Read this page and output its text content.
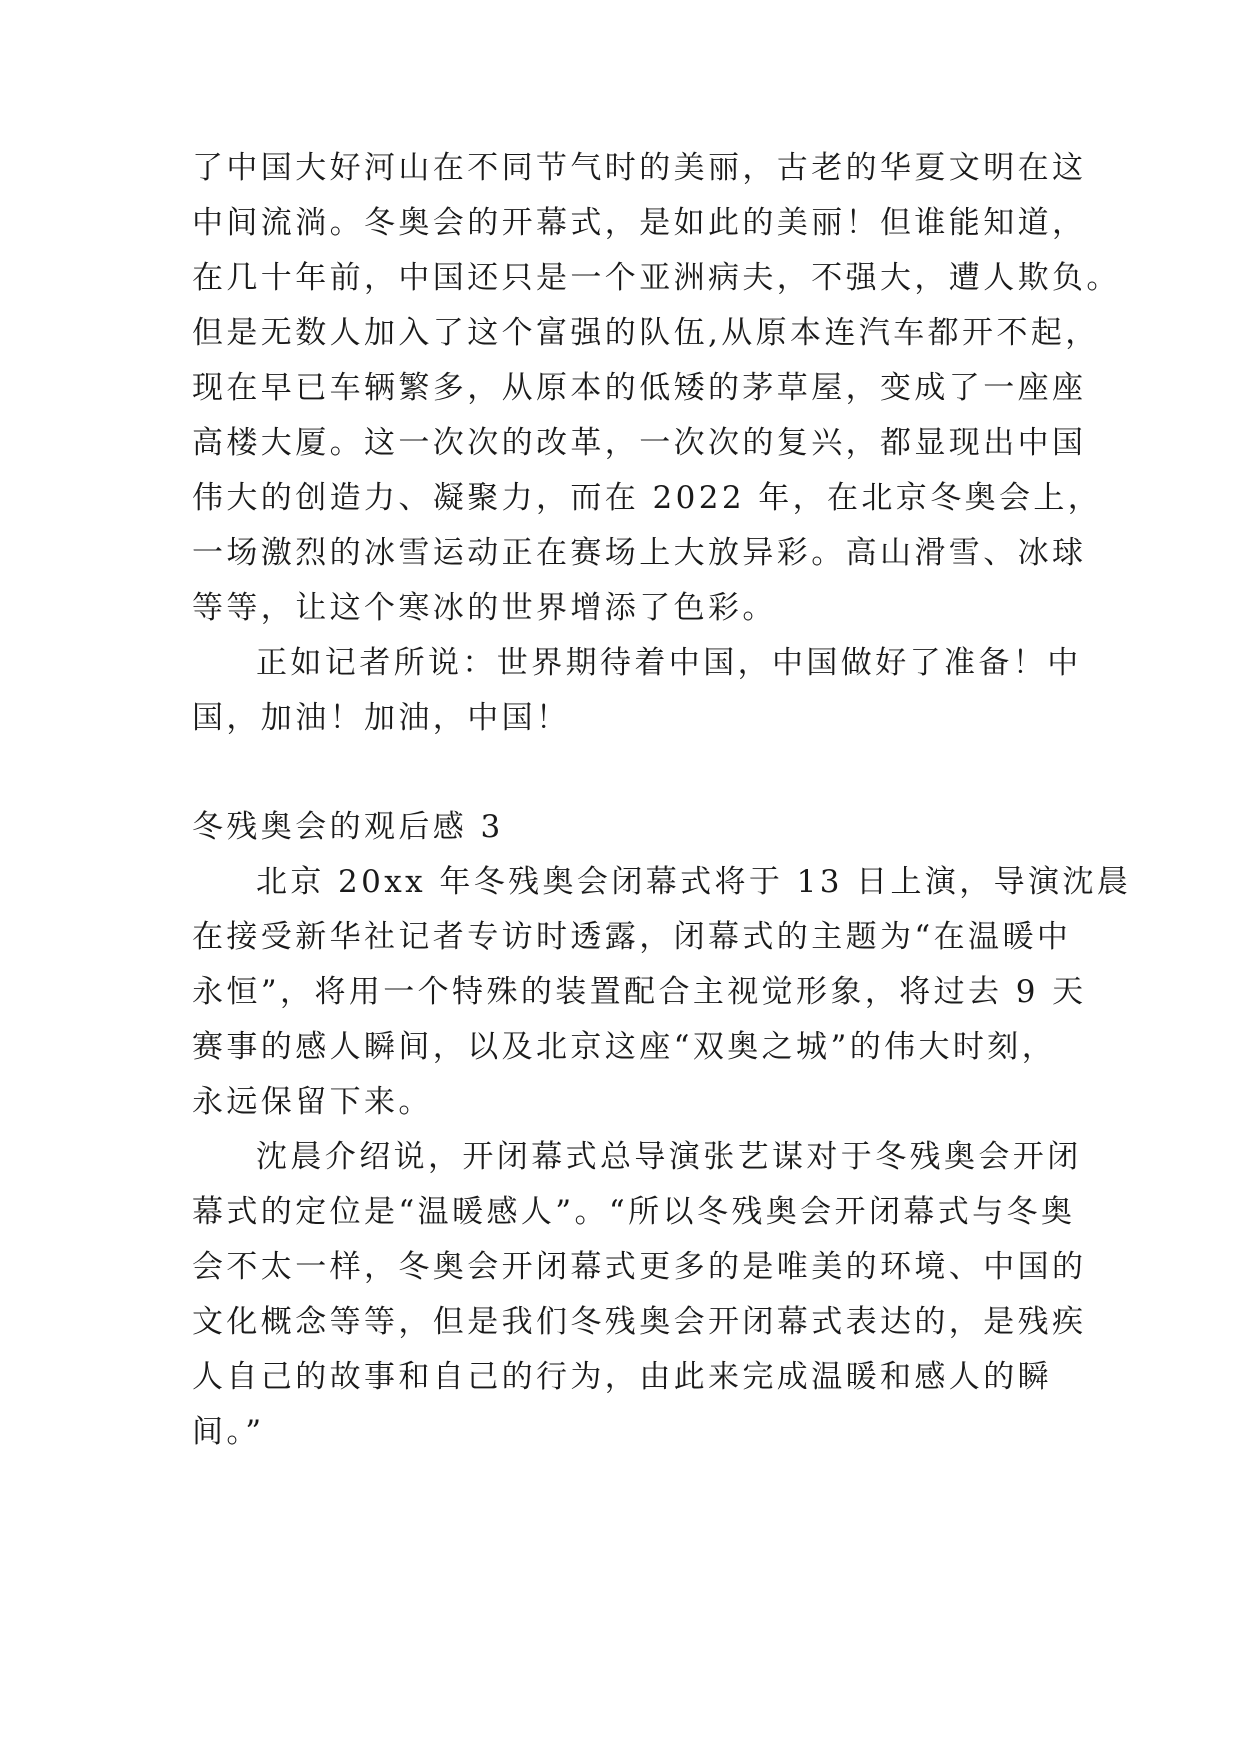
了中国大好河山在不同节气时的美丽，古老的华夏文明在这
中间流淌。冬奥会的开幕式，是如此的美丽！但谁能知道，
在几十年前，中国还只是一个亚洲病夫，不强大，遭人欺负。
但是无数人加入了这个富强的队伍,从原本连汽车都开不起，
现在早已车辆繁多，从原本的低矮的茅草屋，变成了一座座
高楼大厦。这一次次的改革，一次次的复兴，都显现出中国
伟大的创造力、凝聚力，而在 2022 年，在北京冬奥会上，
一场激烈的冰雪运动正在赛场上大放异彩。高山滑雪、冰球
等等，让这个寒冰的世界增添了色彩。
正如记者所说：世界期待着中国，中国做好了准备！中
国，加油！加油，中国！
冬残奥会的观后感 3
北京 20xx 年冬残奥会闭幕式将于 13 日上演，导演沈晨
在接受新华社记者专访时透露，闭幕式的主题为“在温暖中
永恒”，将用一个特殊的装置配合主视觉形象，将过去 9 天
赛事的感人瞬间，以及北京这座“双奥之城”的伟大时刻，
永远保留下来。
沈晨介绍说，开闭幕式总导演张艺谋对于冬残奥会开闭
幕式的定位是“温暖感人”。“所以冬残奥会开闭幕式与冬奥
会不太一样，冬奥会开闭幕式更多的是唯美的环境、中国的
文化概念等等，但是我们冬残奥会开闭幕式表达的，是残疾
人自己的故事和自己的行为，由此来完成温暖和感人的瞬
间。”
